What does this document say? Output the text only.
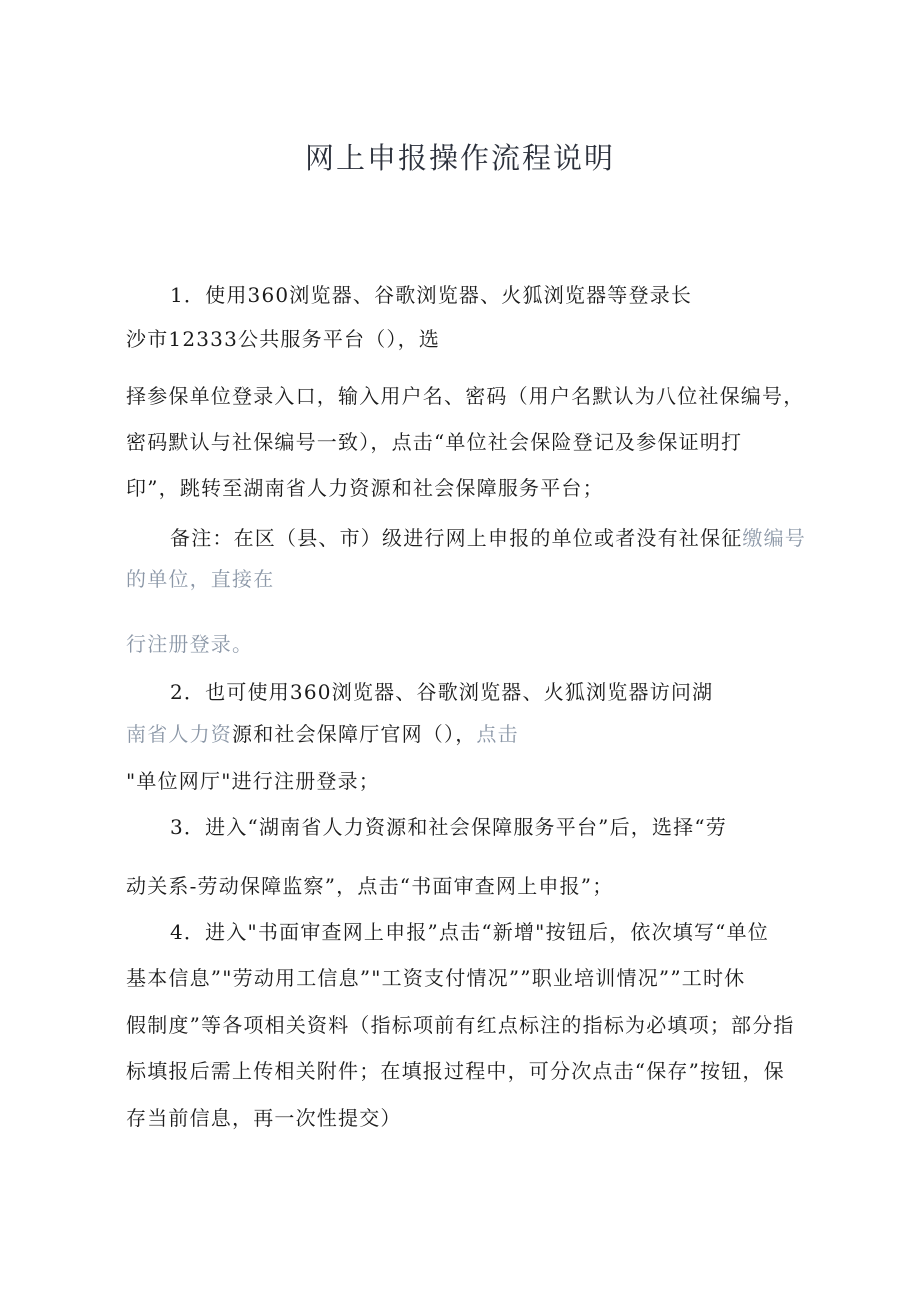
网上申报操作流程说明

1．使用360浏览器、谷歌浏览器、火狐浏览器等登录长

沙市12333公共服务平台（），选

择参保单位登录入口，输入用户名、密码（用户名默认为八位社保编号，

密码默认与社保编号一致），点击“单位社会保险登记及参保证明打

印”，跳转至湖南省人力资源和社会保障服务平台；

备注：在区（县、市）级进行网上申报的单位或者没有社保征缴编号

的单位，直接在

行注册登录。

2．也可使用360浏览器、谷歌浏览器、火狐浏览器访问湖

南省人力资源和社会保障厅官网（），点击

"单位网厅"进行注册登录；

3．进入“湖南省人力资源和社会保障服务平台”后，选择“劳

动关系-劳动保障监察”，点击“书面审查网上申报”；

4．进入"书面审查网上申报”点击“新增"按钮后，依次填写“单位

基本信息”"劳动用工信息”"工资支付情况””职业培训情况””工时休

假制度”等各项相关资料（指标项前有红点标注的指标为必填项；部分指

标填报后需上传相关附件；在填报过程中，可分次点击“保存”按钮，保

存当前信息，再一次性提交）
